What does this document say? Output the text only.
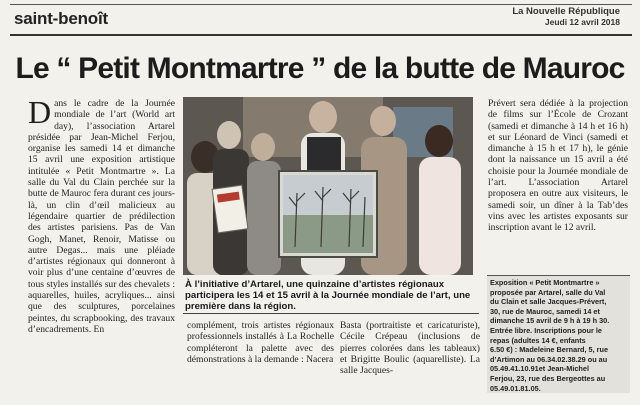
saint-benoît	La Nouvelle République
Jeudi 12 avril 2018
Le “ Petit Montmartre ” de la butte de Mauroc
Dans le cadre de la Journée mondiale de l’art (World art day), l’association Artarel présidée par Jean-Michel Ferjou, organise les samedi 14 et dimanche 15 avril une exposition artistique intitulée « Petit Montmartre ». La salle du Val du Clain perchée sur la butte de Mauroc fera durant ces jours-là, un clin d’œil malicieux au légendaire quartier de prédilection des artistes parisiens. Pas de Van Gogh, Manet, Renoir, Matisse ou autre Degas... mais une pléiade d’artistes régionaux qui donneront à voir plus d’une centaine d’œuvres de tous styles installés sur des chevalets : aquarelles, huiles, acryliques... ainsi que des sculptures, porcelaines peintes, du scrapbooking, des travaux d’encadrements. En
À l’initiative d’Artarel, une quinzaine d’artistes régionaux participera les 14 et 15 avril à la Journée mondiale de l’art, une première dans la région.
complément, trois artistes régionaux professionnels installés à La Rochelle compléteront la palette avec des démonstrations à la demande : Nacera
Basta (portraitiste et caricaturiste), Cécile Crépeau (inclusions de pierres colorées dans les tableaux) et Brigitte Boulic (aquarelliste). La salle Jacques-
Prévert sera dédiée à la projection de films sur l’École de Crozant (samedi et dimanche à 14 h et 16 h) et sur Léonard de Vinci (samedi et dimanche à 15 h et 17 h), le génie dont la naissance un 15 avril a été choisie pour la Journée mondiale de l’art. L’association Artarel proposera en outre aux visiteurs, le samedi soir, un dîner à la Tab’des vins avec les artistes exposants sur inscription avant le 12 avril.
Exposition « Petit Montmartre »
proposée par Artarel, salle du Val
du Clain et salle Jacques-Prévert,
30, rue de Mauroc, samedi 14 et
dimanche 15 avril de 9 h à 19 h 30.
Entrée libre. Inscriptions pour le
repas (adultes 14 €, enfants
6.50 €) : Madeleine Bernard, 5, rue
d’Artimon au 06.34.02.38.29 ou au
05.49.41.10.91et Jean-Michel
Ferjou, 23, rue des Bergeottes au
05.49.01.81.05.
